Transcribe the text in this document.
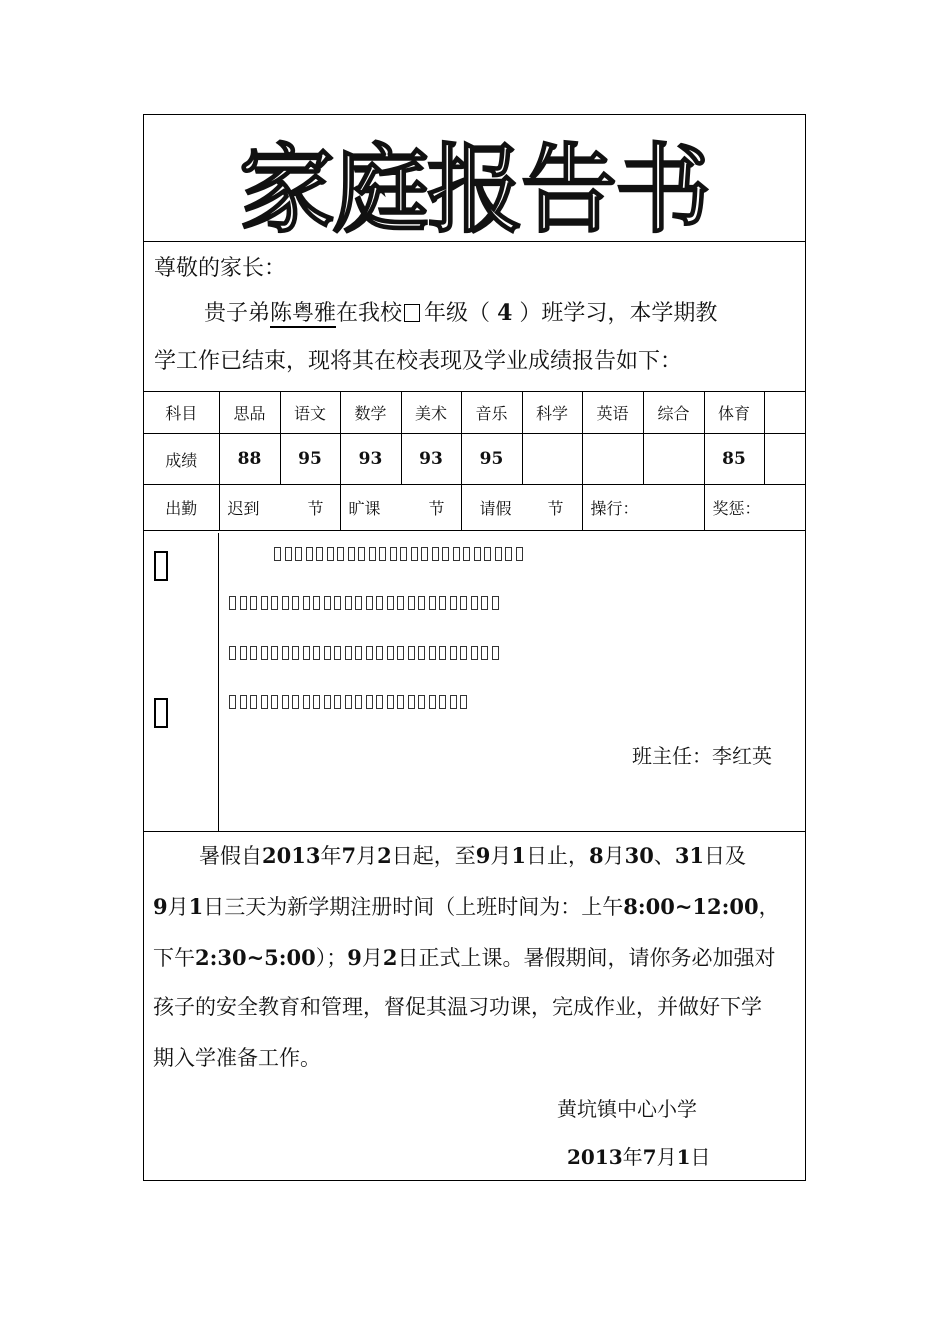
家庭报告书
尊敬的家长：
贵子弟陈粤雅在我校 年级（ 4 ）班学习，本学期教
学工作已结束，现将其在校表现及学业成绩报告如下：
科目	思品	语文	数学	美术	音乐	科学	英语	综合	体育	
成绩	88	95	93	93	95				85	
出勤	迟到 节		旷课 节		请假 节		操行：		奖惩：	
班主任：李红英
暑假自2013年7月2日起，至9月1日止，8月30、31日及
9月1日三天为新学期注册时间（上班时间为：上午8:00~12:00，
下午2:30~5:00）；9月2日正式上课。暑假期间，请你务必加强对
孩子的安全教育和管理，督促其温习功课，完成作业，并做好下学
期入学准备工作。
黄坑镇中心小学
2013年7月1日
